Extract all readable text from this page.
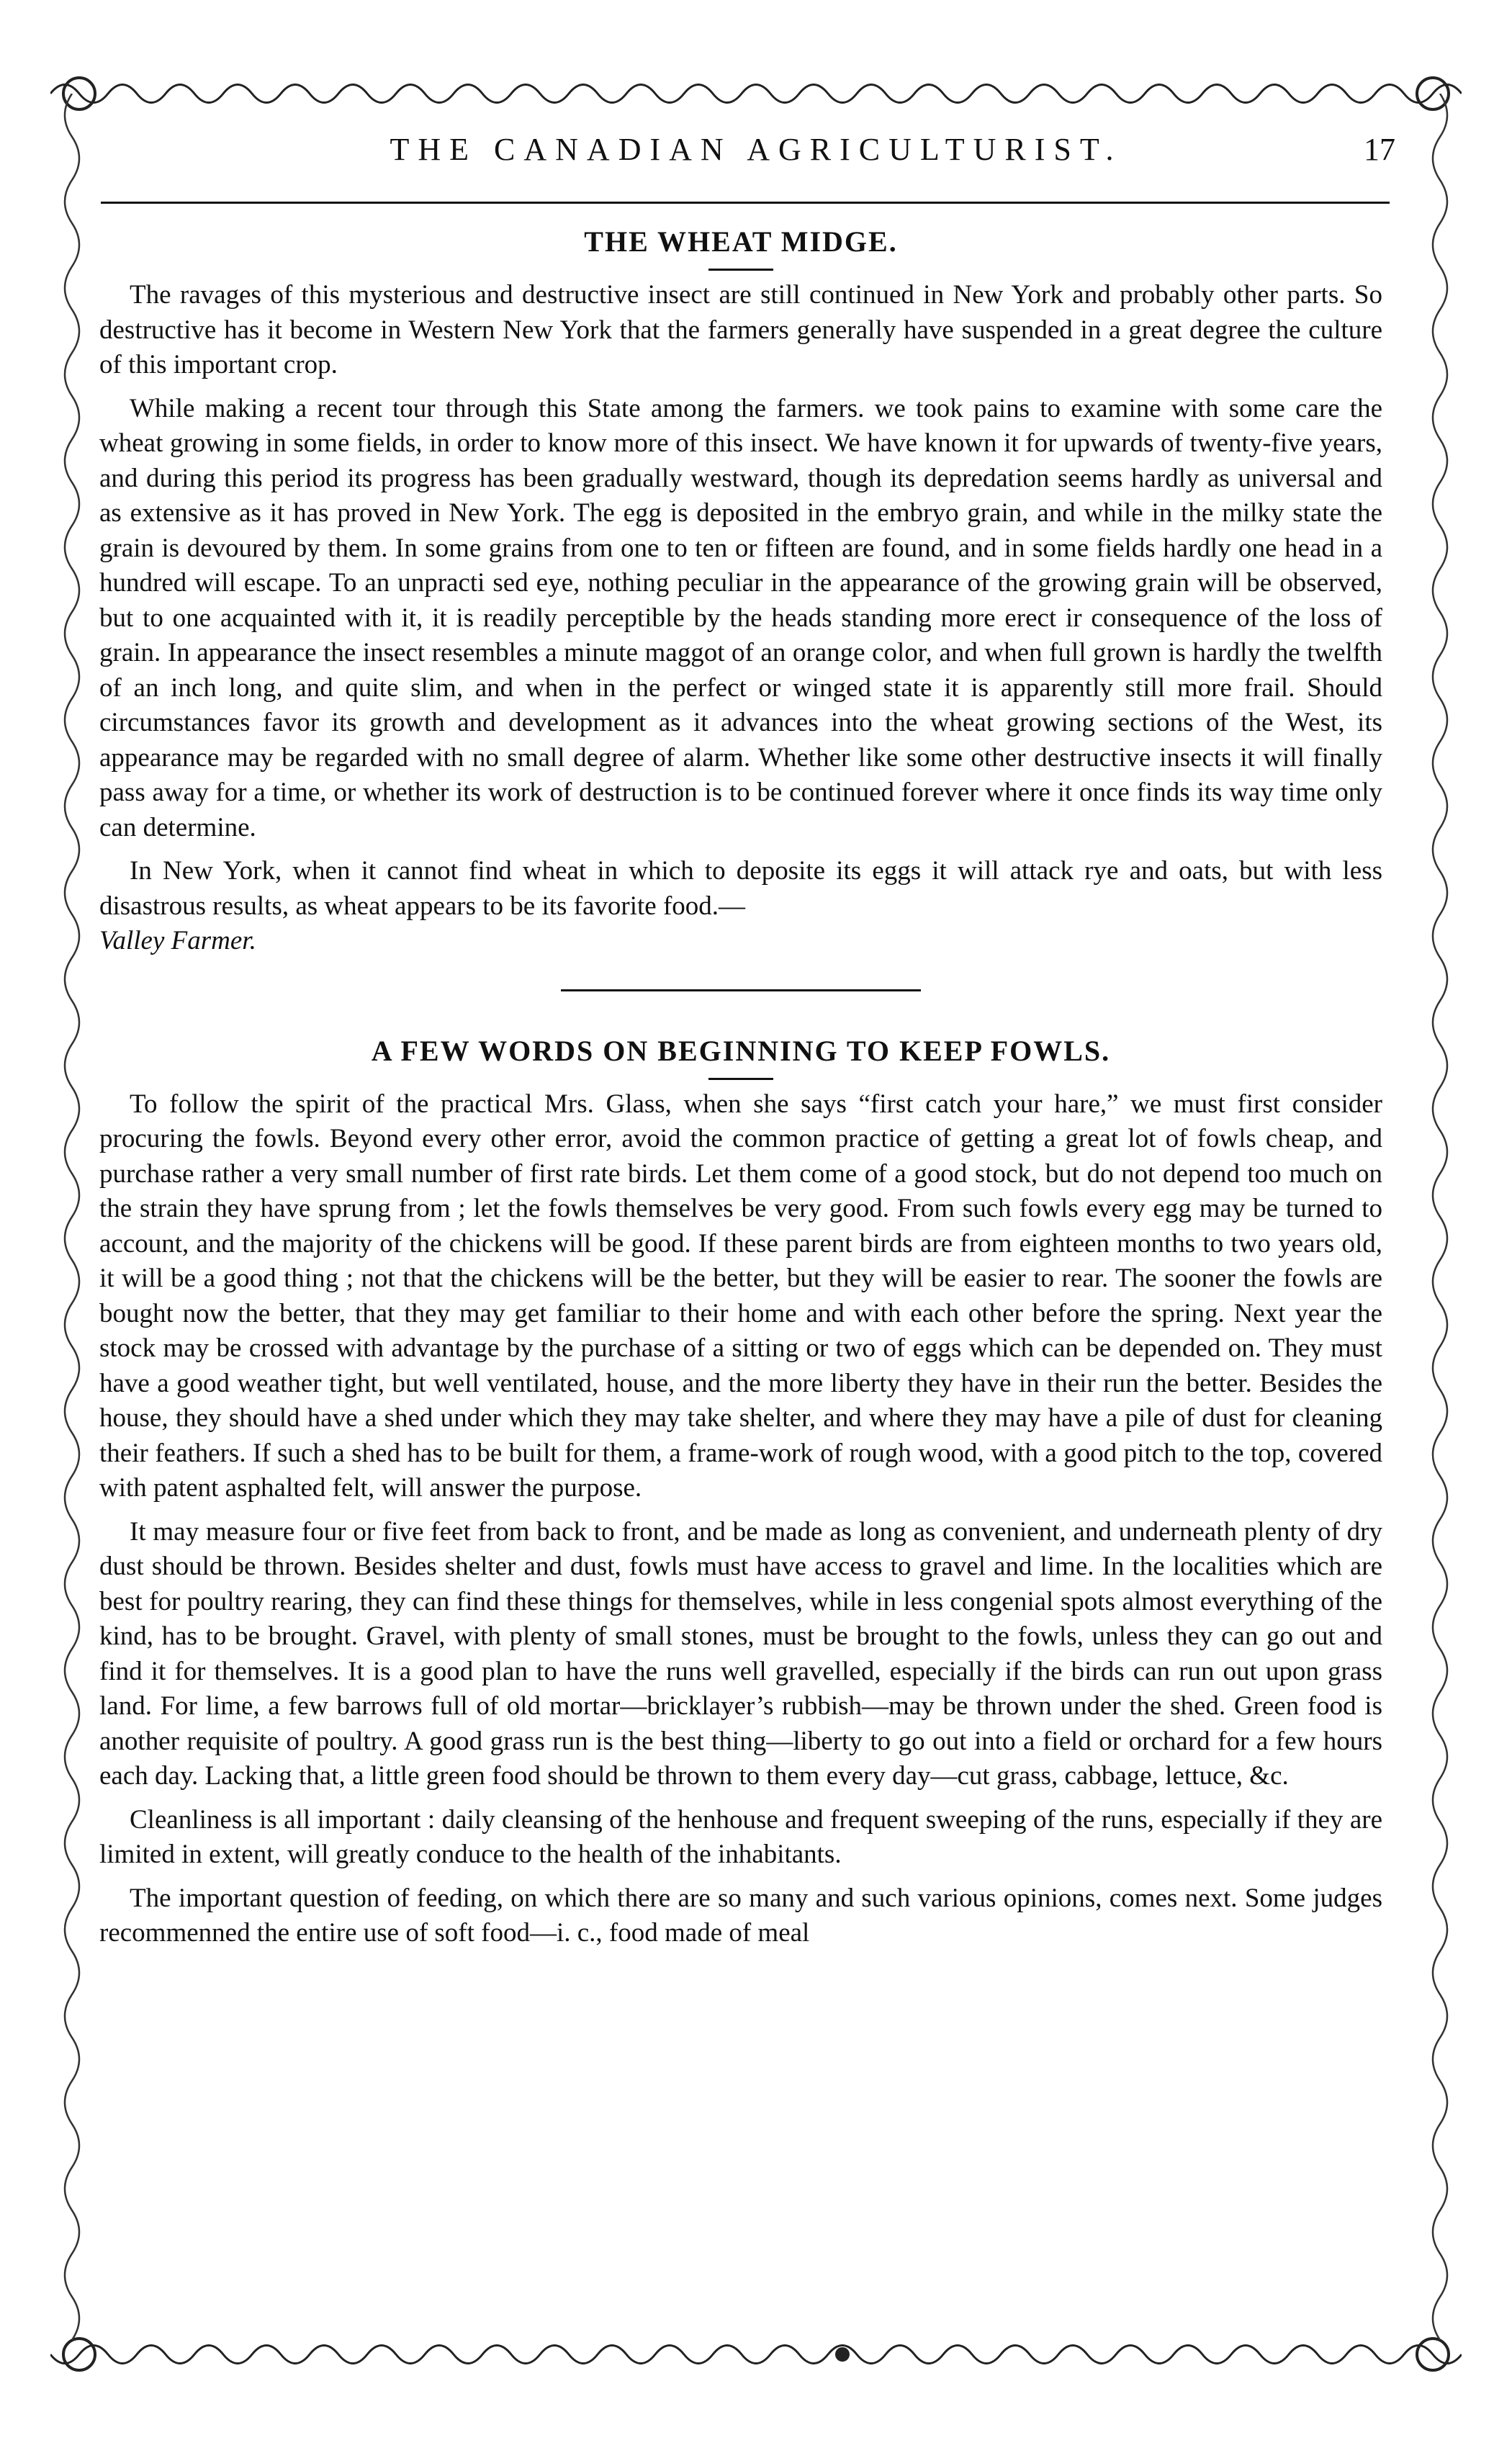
THE CANADIAN AGRICULTURIST.	17
THE WHEAT MIDGE.

The ravages of this mysterious and destructive insect are still continued in New York and probably other parts. So destructive has it become in Western New York that the farmers generally have suspended in a great degree the culture of this important crop.

While making a recent tour through this State among the farmers. we took pains to examine with some care the wheat growing in some fields, in order to know more of this insect. We have known it for upwards of twenty-five years, and during this period its progress has been gradually westward, though its depredation seems hardly as universal and as extensive as it has proved in New York. The egg is deposited in the embryo grain, and while in the milky state the grain is devoured by them. In some grains from one to ten or fifteen are found, and in some fields hardly one head in a hundred will escape. To an unpracti sed eye, nothing peculiar in the appearance of the growing grain will be observed, but to one acquainted with it, it is readily perceptible by the heads standing more erect ir consequence of the loss of grain. In appearance the insect resembles a minute maggot of an orange color, and when full grown is hardly the twelfth of an inch long, and quite slim, and when in the perfect or winged state it is apparently still more frail. Should circumstances favor its growth and development as it advances into the wheat growing sections of the West, its appearance may be regarded with no small degree of alarm. Whether like some other destructive insects it will finally pass away for a time, or whether its work of destruction is to be continued forever where it once finds its way time only can determine.

In New York, when it cannot find wheat in which to deposite its eggs it will attack rye and oats, but with less disastrous results, as wheat appears to be its favorite food.—
Valley Farmer.

A FEW WORDS ON BEGINNING TO KEEP FOWLS.

To follow the spirit of the practical Mrs. Glass, when she says “first catch your hare,” we must first consider procuring the fowls. Beyond every other error, avoid the common practice of getting a great lot of fowls cheap, and purchase rather a very small number of first rate birds. Let them come of a good stock, but do not depend too much on the strain they have sprung from ; let the fowls themselves be very good. From such fowls every egg may be turned to account, and the majority of the chickens will be good. If these parent birds are from eighteen months to two years old, it will be a good thing ; not that the chickens will be the better, but they will be easier to rear. The sooner the fowls are bought now the better, that they may get familiar to their home and with each other before the spring. Next year the stock may be crossed with advantage by the purchase of a sitting or two of eggs which can be depended on. They must have a good weather tight, but well ventilated, house, and the more liberty they have in their run the better. Besides the house, they should have a shed under which they may take shelter, and where they may have a pile of dust for cleaning their feathers. If such a shed has to be built for them, a frame-work of rough wood, with a good pitch to the top, covered with patent asphalted felt, will answer the purpose.

It may measure four or five feet from back to front, and be made as long as convenient, and underneath plenty of dry dust should be thrown. Besides shelter and dust, fowls must have access to gravel and lime. In the localities which are best for poultry rearing, they can find these things for themselves, while in less congenial spots almost everything of the kind, has to be brought. Gravel, with plenty of small stones, must be brought to the fowls, unless they can go out and find it for themselves. It is a good plan to have the runs well gravelled, especially if the birds can run out upon grass land. For lime, a few barrows full of old mortar—bricklayer’s rubbish—may be thrown under the shed. Green food is another requisite of poultry. A good grass run is the best thing—liberty to go out into a field or orchard for a few hours each day. Lacking that, a little green food should be thrown to them every day—cut grass, cabbage, lettuce, &c.

Cleanliness is all important : daily cleansing of the henhouse and frequent sweeping of the runs, especially if they are limited in extent, will greatly conduce to the health of the inhabitants.

The important question of feeding, on which there are so many and such various opinions, comes next. Some judges recommenned the entire use of soft food—i. c., food made of meal
